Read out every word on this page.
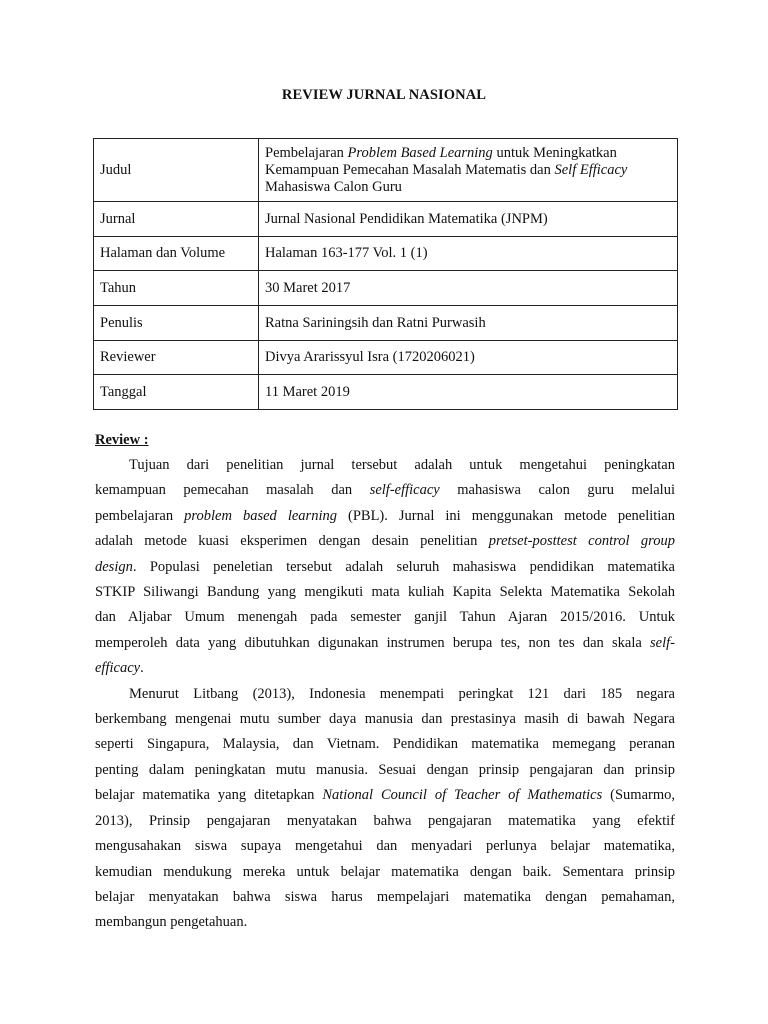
REVIEW JURNAL NASIONAL
Judul	Pembelajaran Problem Based Learning untuk Meningkatkan Kemampuan Pemecahan Masalah Matematis dan Self Efficacy Mahasiswa Calon Guru
Jurnal	Jurnal Nasional Pendidikan Matematika (JNPM)
Halaman dan Volume	Halaman 163-177 Vol. 1 (1)
Tahun	30 Maret 2017
Penulis	Ratna Sariningsih dan Ratni Purwasih
Reviewer	Divya Ararissyul Isra (1720206021)
Tanggal	11 Maret 2019
Review :
Tujuan dari penelitian jurnal tersebut adalah untuk mengetahui peningkatan
kemampuan pemecahan masalah dan self-efficacy mahasiswa calon guru melalui
pembelajaran problem based learning (PBL). Jurnal ini menggunakan metode penelitian
adalah metode kuasi eksperimen dengan desain penelitian pretset-posttest control group
design. Populasi peneletian tersebut adalah seluruh mahasiswa pendidikan matematika
STKIP Siliwangi Bandung yang mengikuti mata kuliah Kapita Selekta Matematika Sekolah
dan Aljabar Umum menengah pada semester ganjil Tahun Ajaran 2015/2016. Untuk
memperoleh data yang dibutuhkan digunakan instrumen berupa tes, non tes dan skala self-
efficacy.
Menurut Litbang (2013), Indonesia menempati peringkat 121 dari 185 negara
berkembang mengenai mutu sumber daya manusia dan prestasinya masih di bawah Negara
seperti Singapura, Malaysia, dan Vietnam. Pendidikan matematika memegang peranan
penting dalam peningkatan mutu manusia. Sesuai dengan prinsip pengajaran dan prinsip
belajar matematika yang ditetapkan National Council of Teacher of Mathematics (Sumarmo,
2013), Prinsip pengajaran menyatakan bahwa pengajaran matematika yang efektif
mengusahakan siswa supaya mengetahui dan menyadari perlunya belajar matematika,
kemudian mendukung mereka untuk belajar matematika dengan baik. Sementara prinsip
belajar menyatakan bahwa siswa harus mempelajari matematika dengan pemahaman,
membangun pengetahuan.
